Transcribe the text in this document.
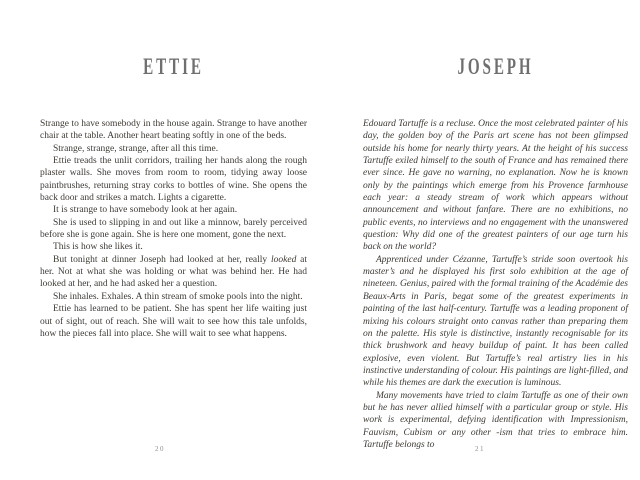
ETTIE

Strange to have somebody in the house again. Strange to have another chair at the table. Another heart beating softly in one of the beds.

Strange, strange, strange, after all this time.

Ettie treads the unlit corridors, trailing her hands along the rough plaster walls. She moves from room to room, tidying away loose paintbrushes, returning stray corks to bottles of wine. She opens the back door and strikes a match. Lights a cigarette.

It is strange to have somebody look at her again.

She is used to slipping in and out like a minnow, barely perceived before she is gone again. She is here one moment, gone the next.

This is how she likes it.

But tonight at dinner Joseph had looked at her, really looked at her. Not at what she was holding or what was behind her. He had looked at her, and he had asked her a question.

She inhales. Exhales. A thin stream of smoke pools into the night.

Ettie has learned to be patient. She has spent her life waiting just out of sight, out of reach. She will wait to see how this tale unfolds, how the pieces fall into place. She will wait to see what happens.

20
JOSEPH

Edouard Tartuffe is a recluse. Once the most celebrated painter of his day, the golden boy of the Paris art scene has not been glimpsed outside his home for nearly thirty years. At the height of his success Tartuffe exiled himself to the south of France and has remained there ever since. He gave no warning, no explanation. Now he is known only by the paintings which emerge from his Provence farmhouse each year: a steady stream of work which appears without announcement and without fanfare. There are no exhibitions, no public events, no interviews and no engagement with the unanswered question: Why did one of the greatest painters of our age turn his back on the world?

Apprenticed under Cézanne, Tartuffe’s stride soon overtook his master’s and he displayed his first solo exhibition at the age of nineteen. Genius, paired with the formal training of the Académie des Beaux-Arts in Paris, begat some of the greatest experiments in painting of the last half-century. Tartuffe was a leading proponent of mixing his colours straight onto canvas rather than preparing them on the palette. His style is distinctive, instantly recognisable for its thick brushwork and heavy buildup of paint. It has been called explosive, even violent. But Tartuffe’s real artistry lies in his instinctive understanding of colour. His paintings are light-filled, and while his themes are dark the execution is luminous.

Many movements have tried to claim Tartuffe as one of their own but he has never allied himself with a particular group or style. His work is experimental, defying identification with Impressionism, Fauvism, Cubism or any other -ism that tries to embrace him. Tartuffe belongs to	21
